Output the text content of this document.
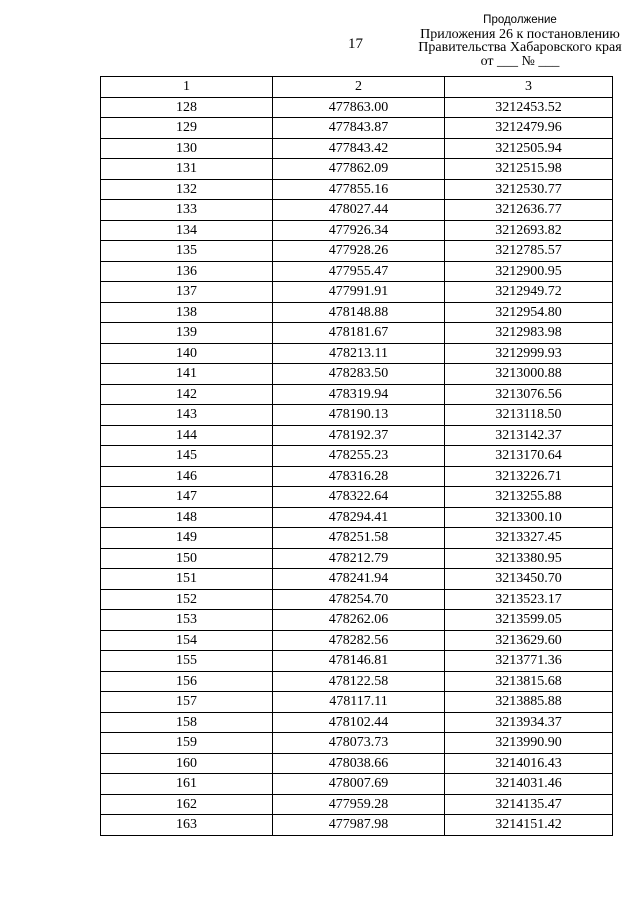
17
Продолжение
Приложения 26 к постановлению
Правительства Хабаровского края
от ___ № ___
1	2	3
128	477863.00	3212453.52
129	477843.87	3212479.96
130	477843.42	3212505.94
131	477862.09	3212515.98
132	477855.16	3212530.77
133	478027.44	3212636.77
134	477926.34	3212693.82
135	477928.26	3212785.57
136	477955.47	3212900.95
137	477991.91	3212949.72
138	478148.88	3212954.80
139	478181.67	3212983.98
140	478213.11	3212999.93
141	478283.50	3213000.88
142	478319.94	3213076.56
143	478190.13	3213118.50
144	478192.37	3213142.37
145	478255.23	3213170.64
146	478316.28	3213226.71
147	478322.64	3213255.88
148	478294.41	3213300.10
149	478251.58	3213327.45
150	478212.79	3213380.95
151	478241.94	3213450.70
152	478254.70	3213523.17
153	478262.06	3213599.05
154	478282.56	3213629.60
155	478146.81	3213771.36
156	478122.58	3213815.68
157	478117.11	3213885.88
158	478102.44	3213934.37
159	478073.73	3213990.90
160	478038.66	3214016.43
161	478007.69	3214031.46
162	477959.28	3214135.47
163	477987.98	3214151.42
